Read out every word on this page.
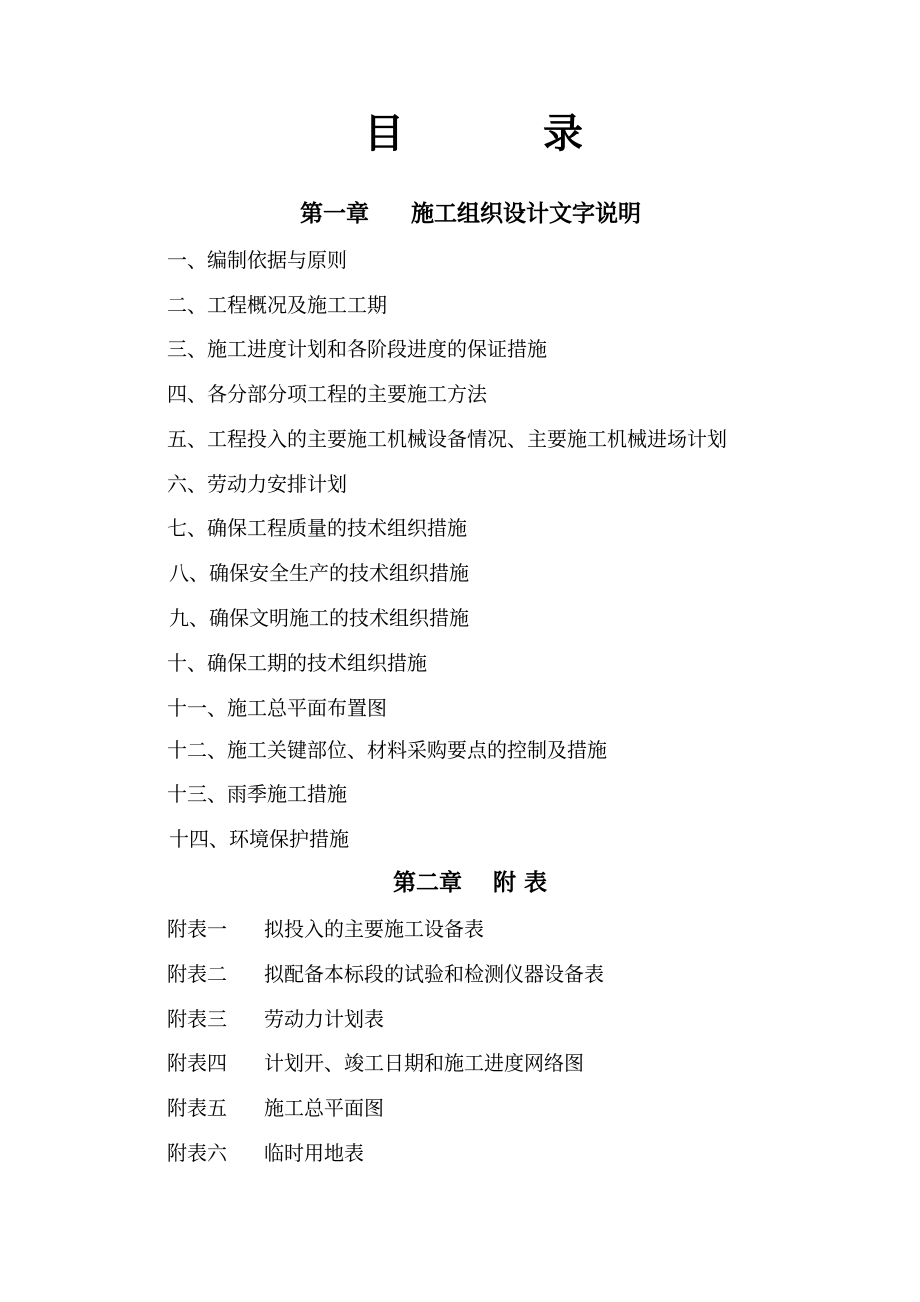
目	录
第一章 施工组织设计文字说明
一、编制依据与原则
二、工程概况及施工工期
三、施工进度计划和各阶段进度的保证措施
四、各分部分项工程的主要施工方法
五、工程投入的主要施工机械设备情况、主要施工机械进场计划
六、劳动力安排计划
七、确保工程质量的技术组织措施
八、确保安全生产的技术组织措施
九、确保文明施工的技术组织措施
十、确保工期的技术组织措施
十一、施工总平面布置图
十二、施工关键部位、材料采购要点的控制及措施
十三、雨季施工措施
十四、环境保护措施
第二章 附 表
附表一 拟投入的主要施工设备表
附表二 拟配备本标段的试验和检测仪器设备表
附表三 劳动力计划表
附表四 计划开、竣工日期和施工进度网络图
附表五 施工总平面图
附表六 临时用地表
